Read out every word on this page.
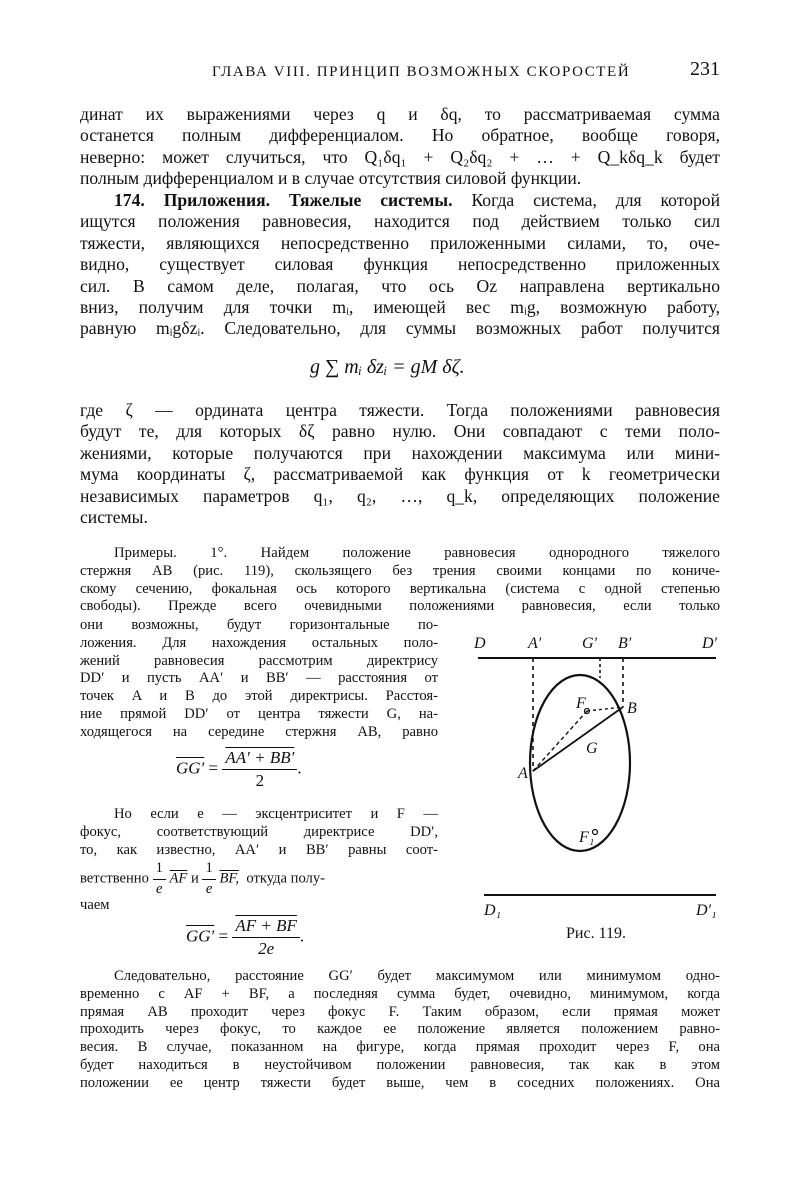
ГЛАВА VIII. ПРИНЦИП ВОЗМОЖНЫХ СКОРОСТЕЙ	231
динат их выражениями через q и δq, то рассматриваемая сумма
останется полным дифференциалом. Но обратное, вообще говоря,
неверно: может случиться, что Q₁δq₁ + Q₂δq₂ + … + Q_kδq_k будет
полным дифференциалом и в случае отсутствия силовой функции.
174. Приложения. Тяжелые системы. Когда система, для которой
ищутся положения равновесия, находится под действием только сил
тяжести, являющихся непосредственно приложенными силами, то, оче-
видно, существует силовая функция непосредственно приложенных
сил. В самом деле, полагая, что ось Oz направлена вертикально
вниз, получим для точки mᵢ, имеющей вес mᵢg, возможную работу,
равную mᵢgδzᵢ. Следовательно, для суммы возможных работ получится
g ∑ mᵢ δzᵢ = gM δζ.
где ζ — ордината центра тяжести. Тогда положениями равновесия
будут те, для которых δζ равно нулю. Они совпадают с теми поло-
жениями, которые получаются при нахождении максимума или мини-
мума координаты ζ, рассматриваемой как функция от k геометрически
независимых параметров q₁, q₂, …, q_k, определяющих положение
системы.
Примеры. 1°. Найдем положение равновесия однородного тяжелого
стержня AB (рис. 119), скользящего без трения своими концами по кониче-
скому сечению, фокальная ось которого вертикальна (система с одной степенью
свободы). Прежде всего очевидными положениями равновесия, если только
они возможны, будут горизонтальные по-
ложения. Для нахождения остальных поло-
жений равновесия рассмотрим директрису
DD′ и пусть AA′ и BB′ — расстояния от
точек A и B до этой директрисы. Расстоя-
ние прямой DD′ от центра тяжести G, на-
ходящегося на середине стержня AB, равно
$GG' = \frac{AA' + BB'}{2}$ .
Но если e — эксцентриситет и F —
фокус, соответствующий директрисе DD′,
то, как известно, AA′ и BB′ равны соот-
ветственно $\frac{1}{e} \overline{AF}$ и $\frac{1}{e}$ BF, откуда полу-
чаем
$GG' = \frac{AF + BF}{2e}$ .
D	A′	G′ B′	D′
F	B
G
A
F₁
D₁	D′₁
Рис. 119.
Следовательно, расстояние GG′ будет максимумом или минимумом одно-
временно с AF + BF, а последняя сумма будет, очевидно, минимумом, когда
прямая AB проходит через фокус F. Таким образом, если прямая может
проходить через фокус, то каждое ее положение является положением равно-
весия. В случае, показанном на фигуре, когда прямая проходит через F, она
будет находиться в неустойчивом положении равновесия, так как в этом
положении ее центр тяжести будет выше, чем в соседних положениях. Она
